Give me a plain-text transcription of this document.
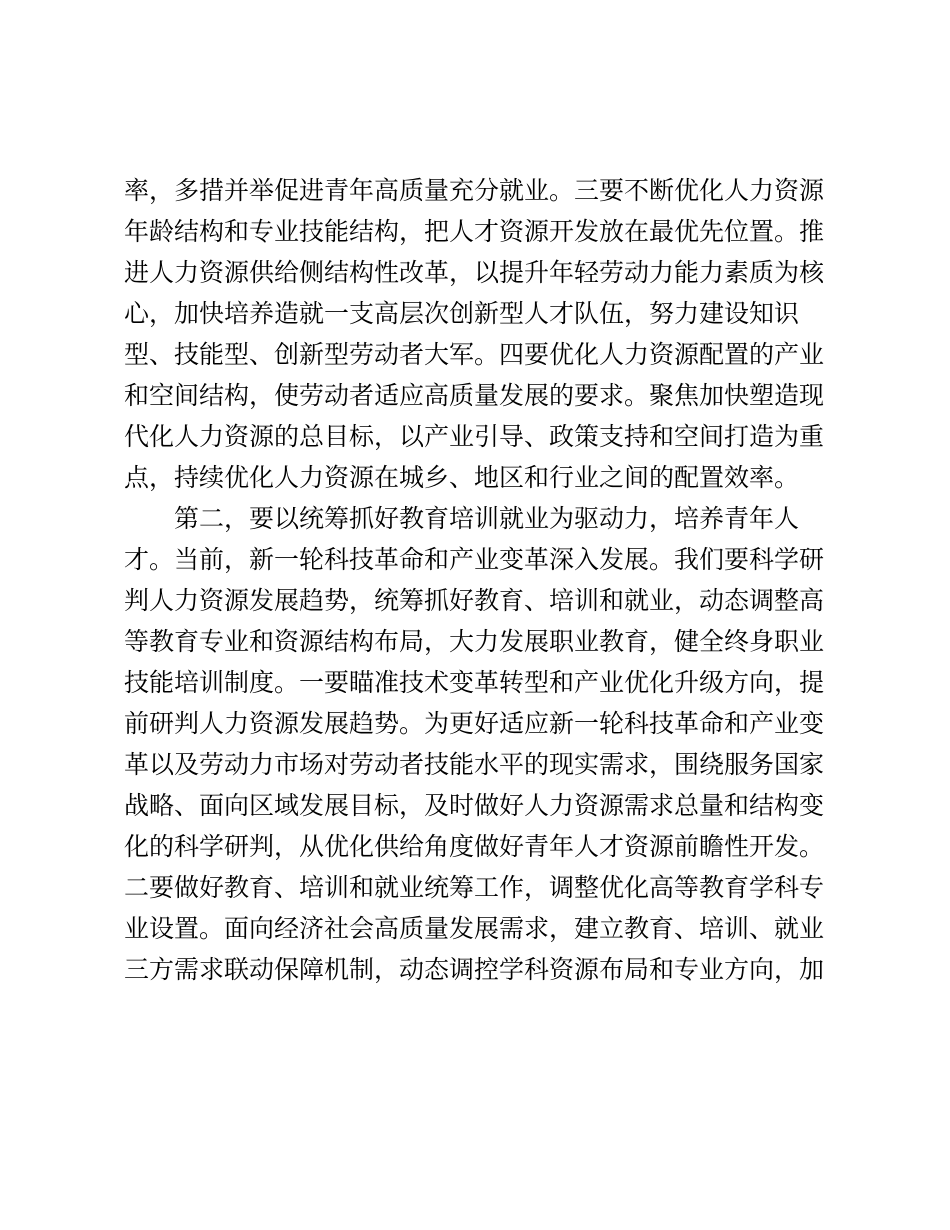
率，多措并举促进青年高质量充分就业。三要不断优化人力资源
年龄结构和专业技能结构，把人才资源开发放在最优先位置。推
进人力资源供给侧结构性改革，以提升年轻劳动力能力素质为核
心，加快培养造就一支高层次创新型人才队伍，努力建设知识
型、技能型、创新型劳动者大军。四要优化人力资源配置的产业
和空间结构，使劳动者适应高质量发展的要求。聚焦加快塑造现
代化人力资源的总目标，以产业引导、政策支持和空间打造为重
点，持续优化人力资源在城乡、地区和行业之间的配置效率。
第二，要以统筹抓好教育培训就业为驱动力，培养青年人
才。当前，新一轮科技革命和产业变革深入发展。我们要科学研
判人力资源发展趋势，统筹抓好教育、培训和就业，动态调整高
等教育专业和资源结构布局，大力发展职业教育，健全终身职业
技能培训制度。一要瞄准技术变革转型和产业优化升级方向，提
前研判人力资源发展趋势。为更好适应新一轮科技革命和产业变
革以及劳动力市场对劳动者技能水平的现实需求，围绕服务国家
战略、面向区域发展目标，及时做好人力资源需求总量和结构变
化的科学研判，从优化供给角度做好青年人才资源前瞻性开发。
二要做好教育、培训和就业统筹工作，调整优化高等教育学科专
业设置。面向经济社会高质量发展需求，建立教育、培训、就业
三方需求联动保障机制，动态调控学科资源布局和专业方向，加
